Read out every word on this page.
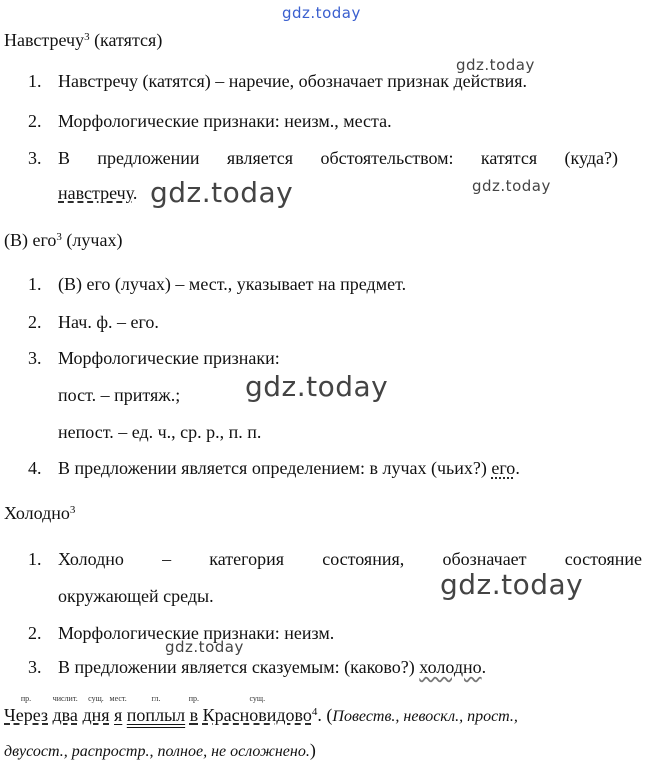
gdz.today
gdz.today
gdz.today	gdz.today
gdz.today
gdz.today
gdz.today
Навстречу$^3$ (катятся)
1. Навстречу (катятся) – наречие, обозначает признак действия.
2. Морфологические признаки: неизм., места.
3. В предложении является обстоятельством: катятся (куда?)
навстречу.
(В) его$^3$ (лучах)
1. (В) его (лучах) – мест., указывает на предмет.
2. Нач. ф. – его.
3. Морфологические признаки:
пост. – притяж.;
непост. – ед. ч., ср. р., п. п.
4. В предложении является определением: в лучах (чьих?) его.
Холодно$^3$
1. Холодно – категория состояния, обозначает состояние
окружающей среды.
2. Морфологические признаки: неизм.
3. В предложении является сказуемым: (каково?) холодно.
пр.
Через
числит.
два
сущ.
дня
мест.
я
гл.
поплыл
пр.
в
сущ.
Красновидово$^4$. (Повеств., невоскл., прост.,
двусост., распростр., полное, не осложнено.)
